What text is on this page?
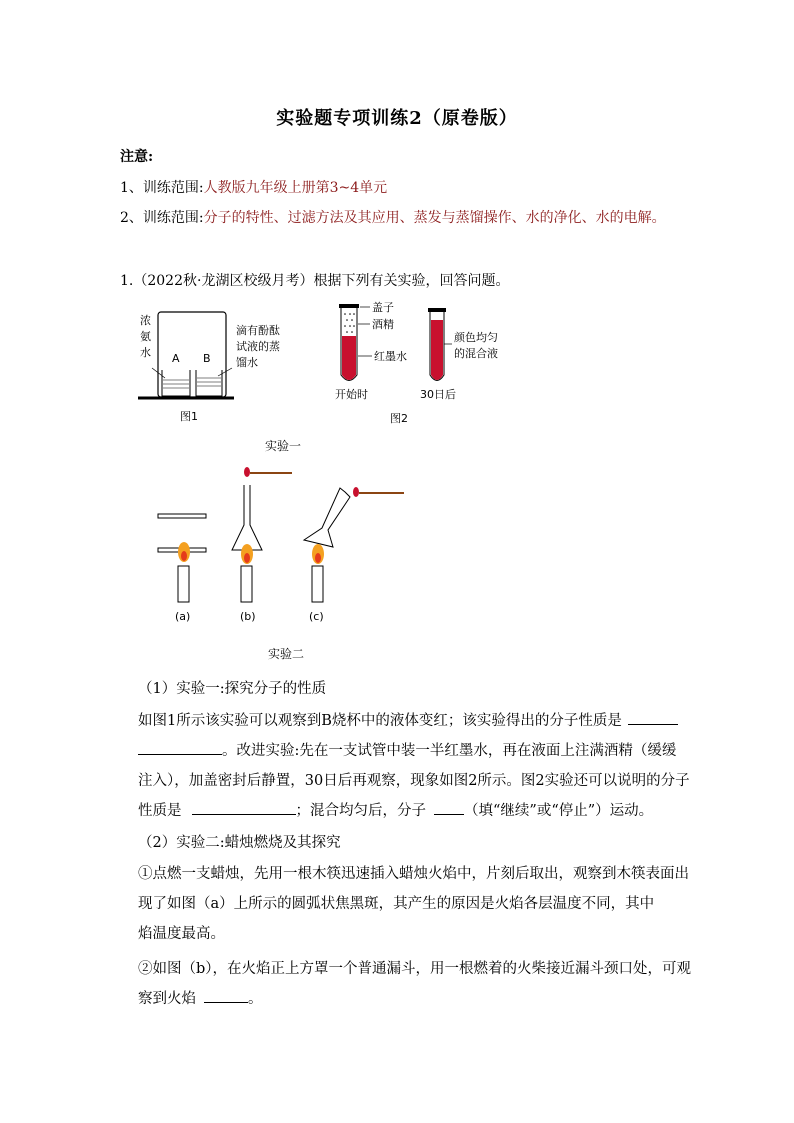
实验题专项训练2（原卷版）
注意:
1、训练范围:人教版九年级上册第3~4单元
2、训练范围:分子的特性、过滤方法及其应用、蒸发与蒸馏操作、水的净化、水的电解。
1.（2022秋·龙湖区校级月考）根据下列有关实验，回答问题。
A B
浓氨水
滴有酚酞试液的蒸馏水
图1
盖子
酒精
红墨水
开始时
颜色均匀的混合液
30日后
图2
实验一
(a)	(b)	(c)
实验二
（1）实验一:探究分子的性质
如图1所示该实验可以观察到B烧杯中的液体变红；该实验得出的分子性质是
。改进实验:先在一支试管中装一半红墨水，再在液面上注满酒精（缓缓
注入），加盖密封后静置，30日后再观察，现象如图2所示。图2实验还可以说明的分子
性质是	；混合均匀后，分子	（填“继续”或“停止”）运动。
（2）实验二:蜡烛燃烧及其探究
①点燃一支蜡烛，先用一根木筷迅速插入蜡烛火焰中，片刻后取出，观察到木筷表面出
现了如图（a）上所示的圆弧状焦黑斑，其产生的原因是火焰各层温度不同，其中
焰温度最高。
②如图（b），在火焰正上方罩一个普通漏斗，用一根燃着的火柴接近漏斗颈口处，可观
察到火焰	。
